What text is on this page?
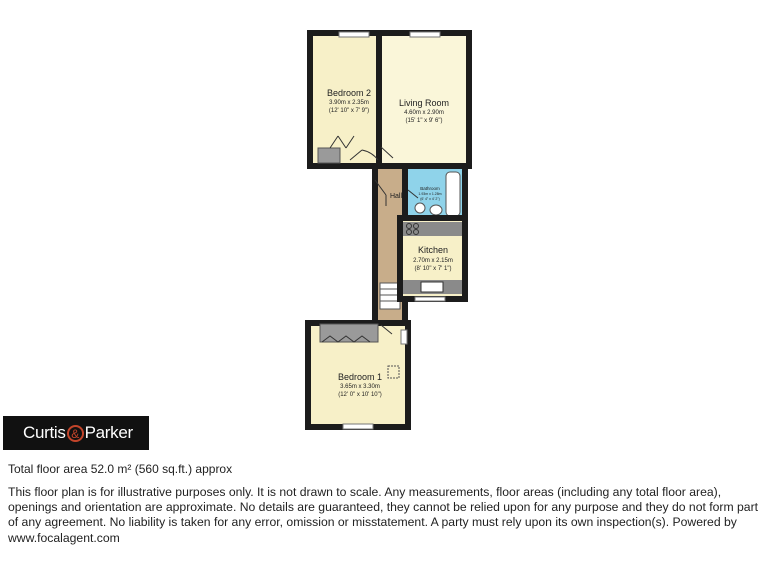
Bedroom 2
3.90m x 2.35m
(12' 10" x 7' 9")
Living Room
4.60m x 2.90m
(15' 1" x 9' 6")
Bathroom
1.93m x 1.28m
(6' 4" x 4' 2")
Hall
Kitchen
2.70m x 2.15m
(8' 10" x 7' 1")
Bedroom 1
3.65m x 3.30m
(12' 0" x 10' 10")
Curtis & Parker
Total floor area 52.0 m² (560 sq.ft.) approx
This floor plan is for illustrative purposes only. It is not drawn to scale. Any measurements, floor areas (including any total floor area), openings and orientation are approximate. No details are guaranteed, they cannot be relied upon for any purpose and they do not form part of any agreement. No liability is taken for any error, omission or misstatement. A party must rely upon its own inspection(s). Powered by www.focalagent.com
